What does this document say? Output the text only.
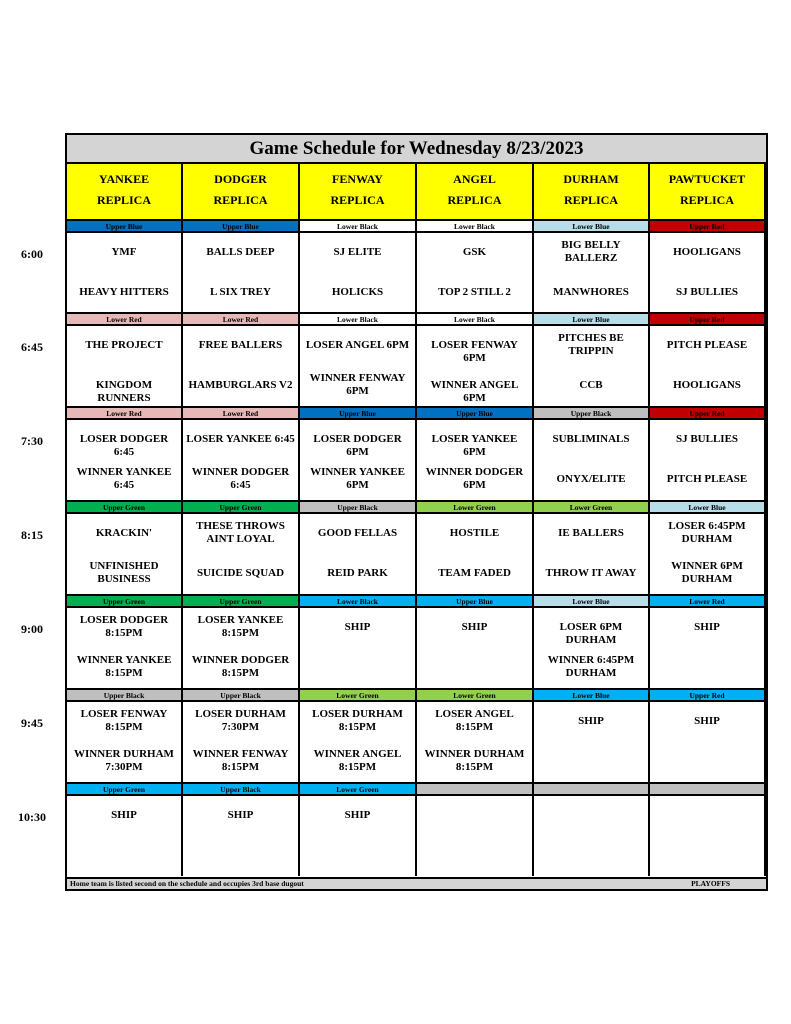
Game Schedule for Wednesday 8/23/2023
YANKEE
REPLICA
DODGER
REPLICA
FENWAY
REPLICA
ANGEL
REPLICA
DURHAM
REPLICA
PAWTUCKET
REPLICA
6:00
Upper Blue
YMF
HEAVY HITTERS
Upper Blue
BALLS DEEP
L SIX TREY
Lower Black
SJ ELITE
HOLICKS
Lower Black
GSK
TOP 2 STILL 2
Lower Blue
BIG BELLY BALLERZ
MANWHORES
Upper Red
HOOLIGANS
SJ BULLIES
6:45
Lower Red
THE PROJECT
KINGDOM RUNNERS
Lower Red
FREE BALLERS
HAMBURGLARS V2
Lower Black
LOSER ANGEL 6PM
WINNER FENWAY 6PM
Lower Black
LOSER FENWAY 6PM
WINNER ANGEL 6PM
Lower Blue
PITCHES BE TRIPPIN
CCB
Upper Red
PITCH PLEASE
HOOLIGANS
7:30
Lower Red
LOSER DODGER 6:45
WINNER YANKEE 6:45
Lower Red
LOSER YANKEE 6:45
WINNER DODGER 6:45
Upper Blue
LOSER DODGER 6PM
WINNER YANKEE 6PM
Upper Blue
LOSER YANKEE 6PM
WINNER DODGER 6PM
Upper Black
SUBLIMINALS
ONYX/ELITE
Upper Red
SJ BULLIES
PITCH PLEASE
8:15
Upper Green
KRACKIN'
UNFINISHED BUSINESS
Upper Green
THESE THROWS AINT LOYAL
SUICIDE SQUAD
Upper Black
GOOD FELLAS
REID PARK
Lower Green
HOSTILE
TEAM FADED
Lower Green
IE BALLERS
THROW IT AWAY
Lower Blue
LOSER 6:45PM DURHAM
WINNER 6PM DURHAM
9:00
Upper Green
LOSER DODGER 8:15PM
WINNER YANKEE 8:15PM
Upper Green
LOSER YANKEE 8:15PM
WINNER DODGER 8:15PM
Lower Black
SHIP
Upper Blue
SHIP
Lower Blue
LOSER 6PM DURHAM
WINNER 6:45PM DURHAM
Lower Red
SHIP
9:45
Upper Black
LOSER FENWAY 8:15PM
WINNER DURHAM 7:30PM
Upper Black
LOSER DURHAM 7:30PM
WINNER FENWAY 8:15PM
Lower Green
LOSER DURHAM 8:15PM
WINNER ANGEL 8:15PM
Lower Green
LOSER ANGEL 8:15PM
WINNER DURHAM 8:15PM
Lower Blue
SHIP
Upper Red
SHIP
10:30
Upper Green
SHIP
Upper Black
SHIP
Lower Green
SHIP
Home team is listed second on the schedule and occupies 3rd base dugout	PLAYOFFS
